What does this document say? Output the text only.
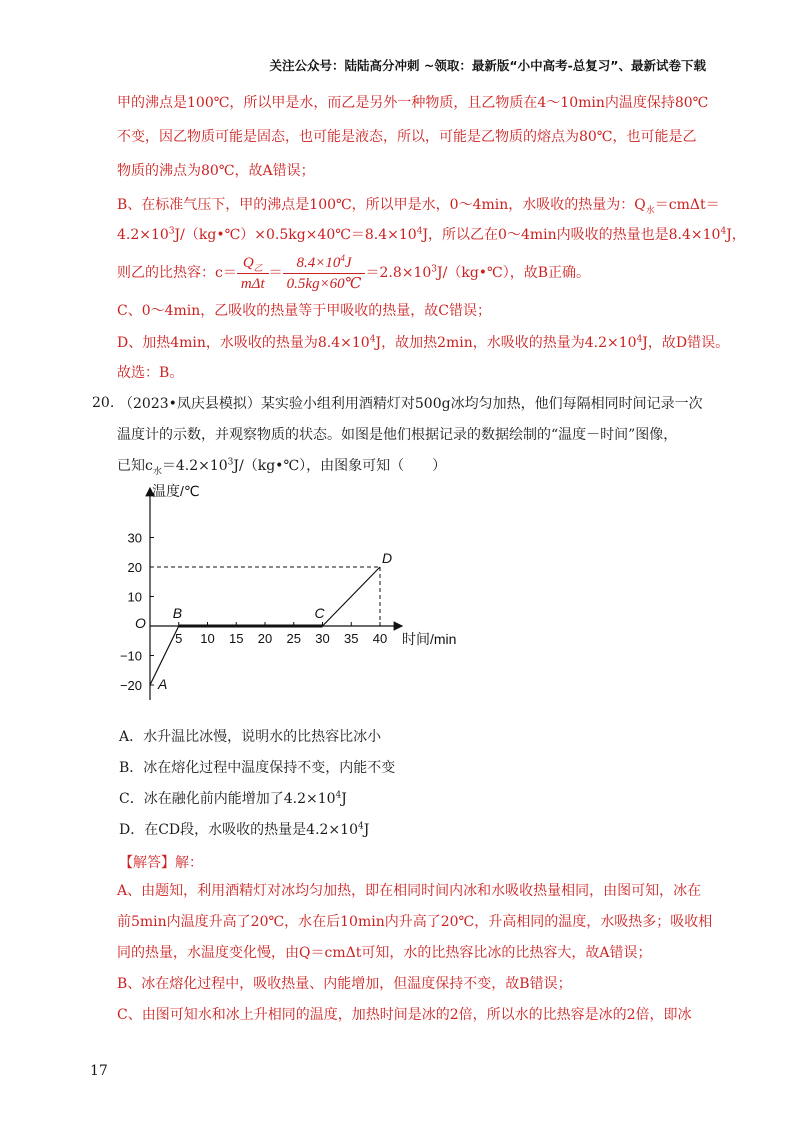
关注公众号：陆陆高分冲刺 ~领取：最新版“小中高考-总复习”、最新试卷下载
甲的沸点是100℃，所以甲是水，而乙是另外一种物质，且乙物质在4～10min内温度保持80℃
不变，因乙物质可能是固态，也可能是液态，所以，可能是乙物质的熔点为80℃，也可能是乙
物质的沸点为80℃，故A错误；
B、在标准气压下，甲的沸点是100℃，所以甲是水，0～4min，水吸收的热量为：$Q_水=cm\Delta t=$
$4.2\times 10^3J/(kg•℃)\times 0.5kg\times 40℃=8.4\times 10^4J$，所以乙在0～4min内吸收的热量也是$8.4\times 10^4J$，
则乙的比热容：$c= \frac{Q_乙}{\text{mΔt}} = \frac{8.4\times 10^4J}{0.5kg\times 60℃}$ $=2.8\times 10^3J/(kg•℃)$，故B正确。
C、0～4min，乙吸收的热量等于甲吸收的热量，故C错误；
D、加热4min，水吸收的热量为$8.4\times 10^4J$，故加热2min，水吸收的热量为$4.2\times 10^4J$，故D错误。
故选：B。
20. （2023•凤庆县模拟）某实验小组利用酒精灯对500g冰均匀加热，他们每隔相同时间记录一次
温度计的示数，并观察物质的状态。如图是他们根据记录的数据绘制的“温度－时间”图像，
已知$c_水=4.2\times 10^3J/(kg•℃)$，由图象可知（　　）
温度/℃
时间/min
O
5 10 15 20 25 30 35 40
30
20
10
−10
−20 A
B	C
D
A．水升温比冰慢，说明水的比热容比冰小
B．冰在熔化过程中温度保持不变，内能不变
C．冰在融化前内能增加了$4.2\times 10^4J$
D．在CD段，水吸收的热量是$4.2\times 10^4J$
【解答】解：
A、由题知，利用酒精灯对冰均匀加热，即在相同时间内冰和水吸收热量相同，由图可知，冰在
前5min内温度升高了20℃，水在后10min内升高了20℃，升高相同的温度，水吸热多；吸收相
同的热量，水温度变化慢，由Q＝cmΔt可知，水的比热容比冰的比热容大，故A错误；
B、冰在熔化过程中，吸收热量、内能增加，但温度保持不变，故B错误；
C、由图可知水和冰上升相同的温度，加热时间是冰的2倍，所以水的比热容是冰的2倍，即冰
17
